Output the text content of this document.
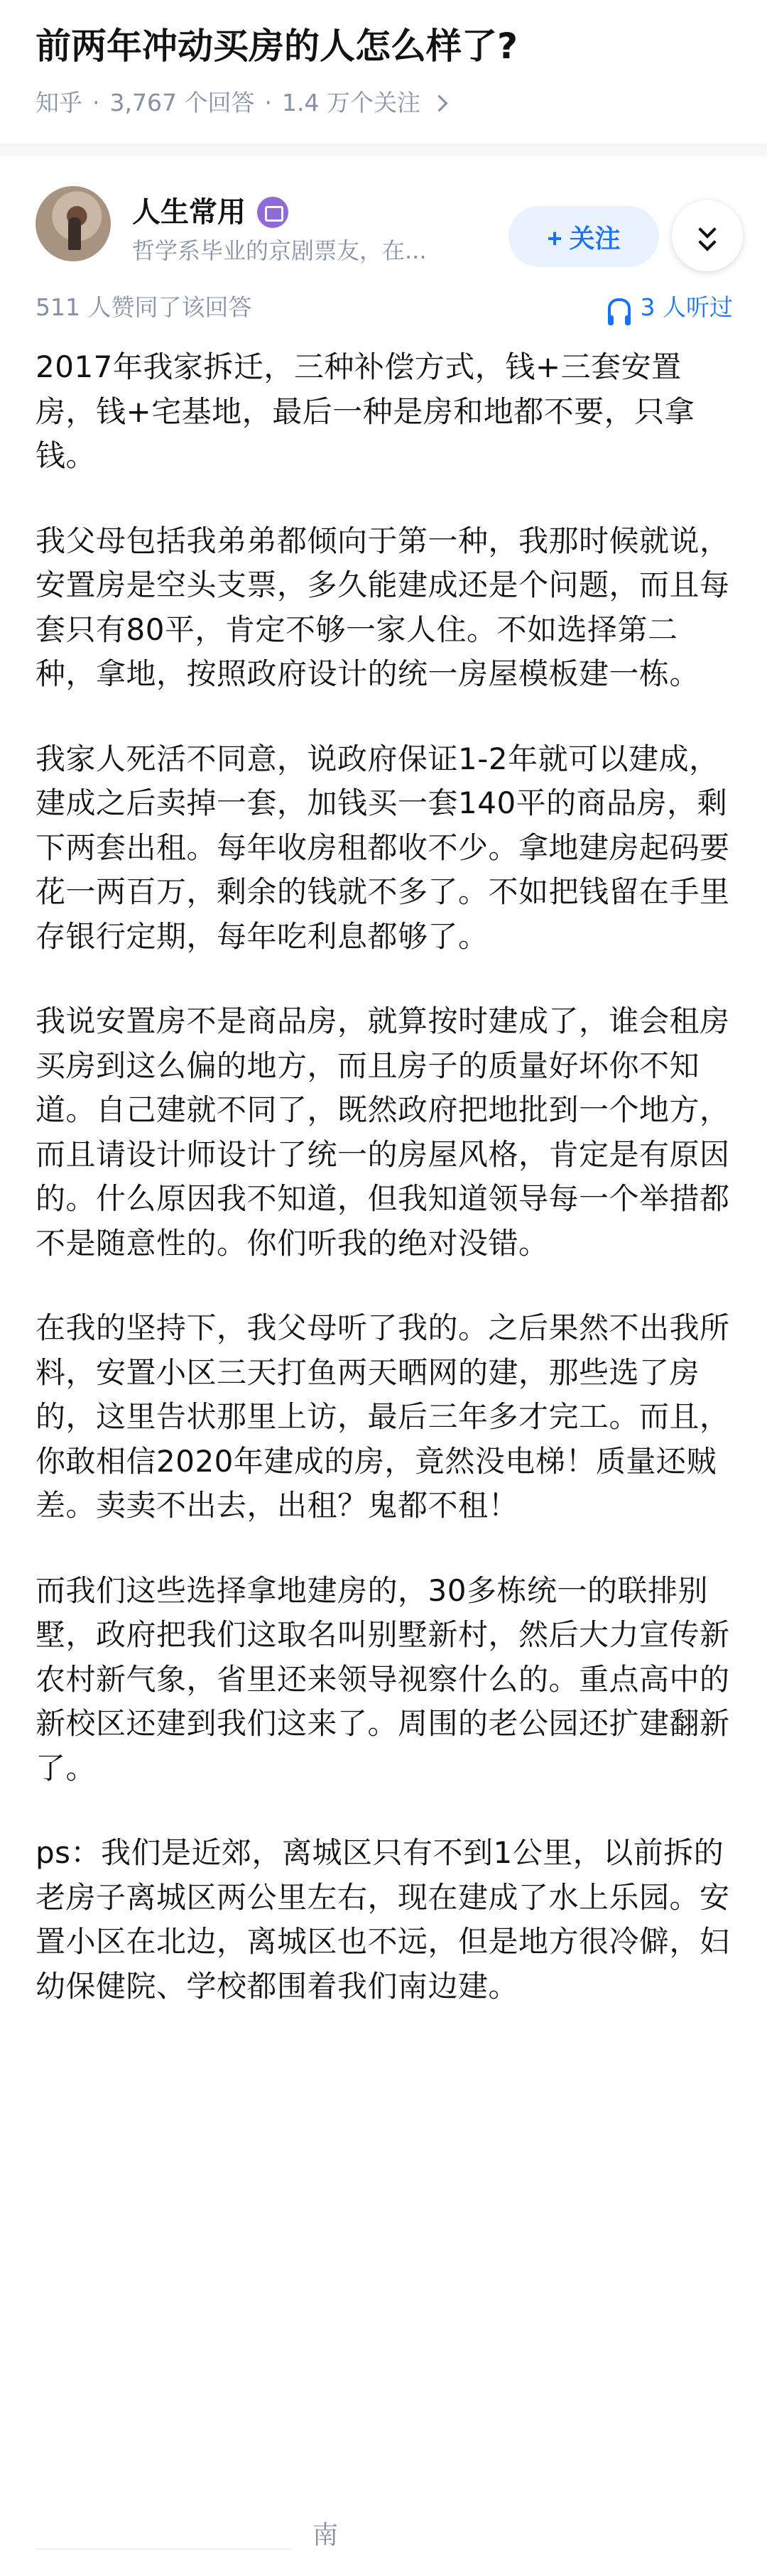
前两年冲动买房的人怎么样了?
知乎 · 3,767 个回答 · 1.4 万个关注
人生常用
哲学系毕业的京剧票友，在...	+ 关注
511 人赞同了该回答	3 人听过

2017年我家拆迁，三种补偿方式，钱+三套安置房，钱+宅基地，最后一种是房和地都不要，只拿钱。

我父母包括我弟弟都倾向于第一种，我那时候就说，安置房是空头支票，多久能建成还是个问题，而且每套只有80平，肯定不够一家人住。不如选择第二种，拿地，按照政府设计的统一房屋模板建一栋。

我家人死活不同意，说政府保证1-2年就可以建成，建成之后卖掉一套，加钱买一套140平的商品房，剩下两套出租。每年收房租都收不少。拿地建房起码要花一两百万，剩余的钱就不多了。不如把钱留在手里存银行定期，每年吃利息都够了。

我说安置房不是商品房，就算按时建成了，谁会租房买房到这么偏的地方，而且房子的质量好坏你不知道。自己建就不同了，既然政府把地批到一个地方，而且请设计师设计了统一的房屋风格，肯定是有原因的。什么原因我不知道，但我知道领导每一个举措都不是随意性的。你们听我的绝对没错。

在我的坚持下，我父母听了我的。之后果然不出我所料，安置小区三天打鱼两天晒网的建，那些选了房的，这里告状那里上访，最后三年多才完工。而且，你敢相信2020年建成的房，竟然没电梯！质量还贼差。卖卖不出去，出租？鬼都不租！

而我们这些选择拿地建房的，30多栋统一的联排别墅，政府把我们这取名叫别墅新村，然后大力宣传新农村新气象，省里还来领导视察什么的。重点高中的新校区还建到我们这来了。周围的老公园还扩建翻新了。

ps：我们是近郊，离城区只有不到1公里，以前拆的老房子离城区两公里左右，现在建成了水上乐园。安置小区在北边，离城区也不远，但是地方很冷僻，妇幼保健院、学校都围着我们南边建。

南
